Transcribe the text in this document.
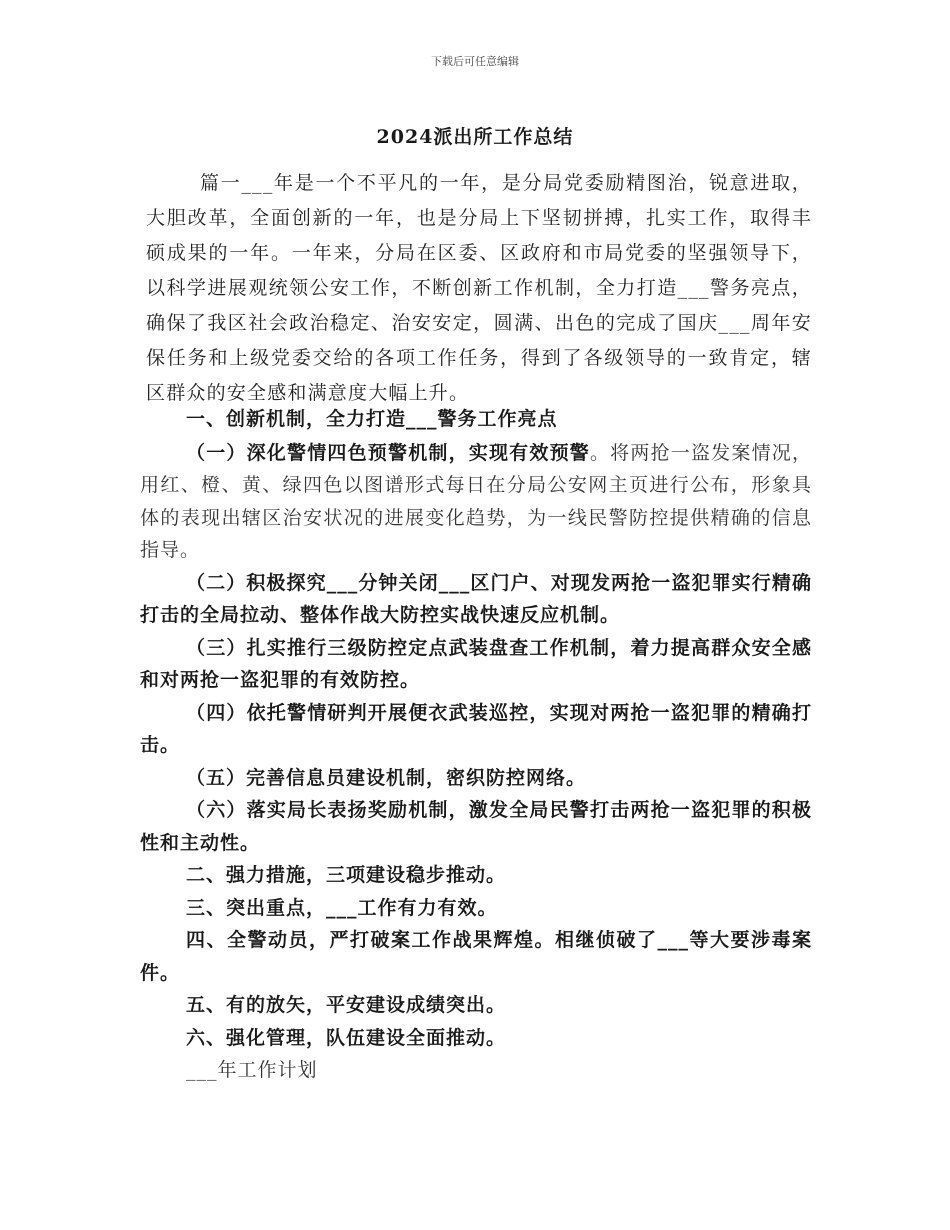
下载后可任意编辑
2024派出所工作总结

篇一___年是一个不平凡的一年，是分局党委励精图治，锐意进取，大胆改革，全面创新的一年，也是分局上下坚韧拼搏，扎实工作，取得丰硕成果的一年。一年来，分局在区委、区政府和市局党委的坚强领导下，以科学进展观统领公安工作，不断创新工作机制，全力打造___警务亮点，确保了我区社会政治稳定、治安安定，圆满、出色的完成了国庆___周年安保任务和上级党委交给的各项工作任务，得到了各级领导的一致肯定，辖区群众的安全感和满意度大幅上升。

一、创新机制，全力打造___警务工作亮点

（一）深化警情四色预警机制，实现有效预警。将两抢一盗发案情况，用红、橙、黄、绿四色以图谱形式每日在分局公安网主页进行公布，形象具体的表现出辖区治安状况的进展变化趋势，为一线民警防控提供精确的信息指导。

（二）积极探究___分钟关闭___区门户、对现发两抢一盗犯罪实行精确打击的全局拉动、整体作战大防控实战快速反应机制。

（三）扎实推行三级防控定点武装盘查工作机制，着力提高群众安全感和对两抢一盗犯罪的有效防控。

（四）依托警情研判开展便衣武装巡控，实现对两抢一盗犯罪的精确打击。

（五）完善信息员建设机制，密织防控网络。

（六）落实局长表扬奖励机制，激发全局民警打击两抢一盗犯罪的积极性和主动性。

二、强力措施，三项建设稳步推动。

三、突出重点，___工作有力有效。

四、全警动员，严打破案工作战果辉煌。相继侦破了___等大要涉毒案件。

五、有的放矢，平安建设成绩突出。

六、强化管理，队伍建设全面推动。

___年工作计划
